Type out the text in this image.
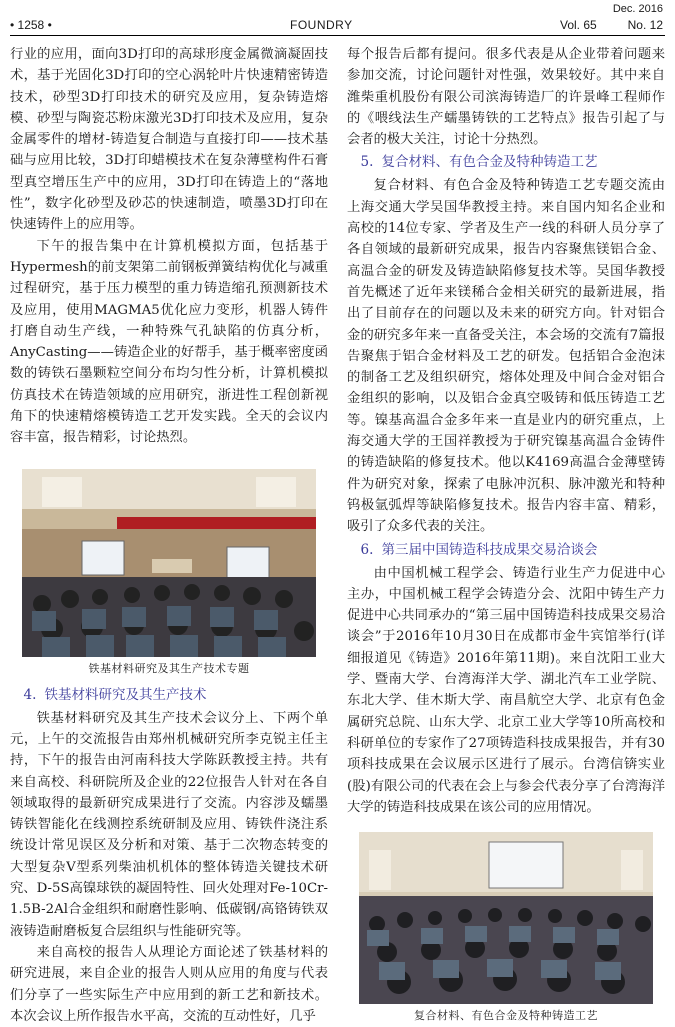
• 1258 •	FOUNDRY
Dec. 2016
Vol. 65	No. 12

行业的应用，面向3D打印的高球形度金属微滴凝固技术，基于光固化3D打印的空心涡轮叶片快速精密铸造技术，砂型3D打印技术的研究及应用，复杂铸造熔模、砂型与陶瓷芯粉床激光3D打印技术及应用，复杂金属零件的增材-铸造复合制造与直接打印——技术基础与应用比较，3D打印蜡模技术在复杂薄壁构件石膏型真空增压生产中的应用，3D打印在铸造上的“落地性”，数字化砂型及砂芯的快速制造，喷墨3D打印在快速铸件上的应用等。

下午的报告集中在计算机模拟方面，包括基于Hypermesh的前支架第二前钢板弹簧结构优化与减重过程研究，基于压力模型的重力铸造缩孔预测新技术及应用，使用MAGMA5优化应力变形，机器人铸件打磨自动生产线，一种特殊气孔缺陷的仿真分析，AnyCasting——铸造企业的好帮手，基于概率密度函数的铸铁石墨颗粒空间分布均匀性分析，计算机模拟仿真技术在铸造领域的应用研究，浙进性工程创新视角下的快速精熔模铸造工艺开发实践。全天的会议内容丰富，报告精彩，讨论热烈。

铁基材料研究及其生产技术专题
4. 铁基材料研究及其生产技术

铁基材料研究及其生产技术会议分上、下两个单元，上午的交流报告由郑州机械研究所李克锐主任主持，下午的报告由河南科技大学陈跃教授主持。共有来自高校、科研院所及企业的22位报告人针对在各自领域取得的最新研究成果进行了交流。内容涉及蠕墨铸铁智能化在线测控系统研制及应用、铸铁件浇注系统设计常见误区及分析和对策、基于二次物态转变的大型复杂V型系列柴油机机体的整体铸造关键技术研究、D-5S高镍球铁的凝固特性、回火处理对Fe-10Cr-1.5B-2Al合金组织和耐磨性影响、低碳钢/高铬铸铁双液铸造耐磨板复合层组织与性能研究等。

来自高校的报告人从理论方面论述了铁基材料的研究进展，来自企业的报告人则从应用的角度与代表们分享了一些实际生产中应用到的新工艺和新技术。本次会议上所作报告水平高，交流的互动性好，几乎

每个报告后都有提问。很多代表是从企业带着问题来参加交流，讨论问题针对性强，效果较好。其中来自潍柴重机股份有限公司滨海铸造厂的许景峰工程师作的《喂线法生产蠕墨铸铁的工艺特点》报告引起了与会者的极大关注，讨论十分热烈。

5. 复合材料、有色合金及特种铸造工艺

复合材料、有色合金及特种铸造工艺专题交流由上海交通大学吴国华教授主持。来自国内知名企业和高校的14位专家、学者及生产一线的科研人员分享了各自领域的最新研究成果，报告内容聚焦镁铝合金、高温合金的研发及铸造缺陷修复技术等。吴国华教授首先概述了近年来镁稀合金相关研究的最新进展，指出了目前存在的问题以及未来的研究方向。针对铝合金的研究多年来一直备受关注，本会场的交流有7篇报告聚焦于铝合金材料及工艺的研发。包括铝合金泡沫的制备工艺及组织研究，熔体处理及中间合金对铝合金组织的影响，以及铝合金真空吸铸和低压铸造工艺等。镍基高温合金多年来一直是业内的研究重点，上海交通大学的王国祥教授为于研究镍基高温合金铸件的铸造缺陷的修复技术。他以K4169高温合金薄壁铸件为研究对象，探索了电脉冲沉积、脉冲激光和特种钨极氩弧焊等缺陷修复技术。报告内容丰富、精彩，吸引了众多代表的关注。

6. 第三届中国铸造科技成果交易洽谈会

由中国机械工程学会、铸造行业生产力促进中心主办，中国机械工程学会铸造分会、沈阳中铸生产力促进中心共同承办的“第三届中国铸造科技成果交易洽谈会”于2016年10月30日在成都市金牛宾馆举行(详细报道见《铸造》2016年第11期)。来自沈阳工业大学、暨南大学、台湾海洋大学、湖北汽车工业学院、东北大学、佳木斯大学、南昌航空大学、北京有色金属研究总院、山东大学、北京工业大学等10所高校和科研单位的专家作了27项铸造科技成果报告，并有30项科技成果在会议展示区进行了展示。台湾信锛实业(股)有限公司的代表在会上与参会代表分享了台湾海洋大学的铸造科技成果在该公司的应用情况。

复合材料、有色合金及特种铸造工艺
